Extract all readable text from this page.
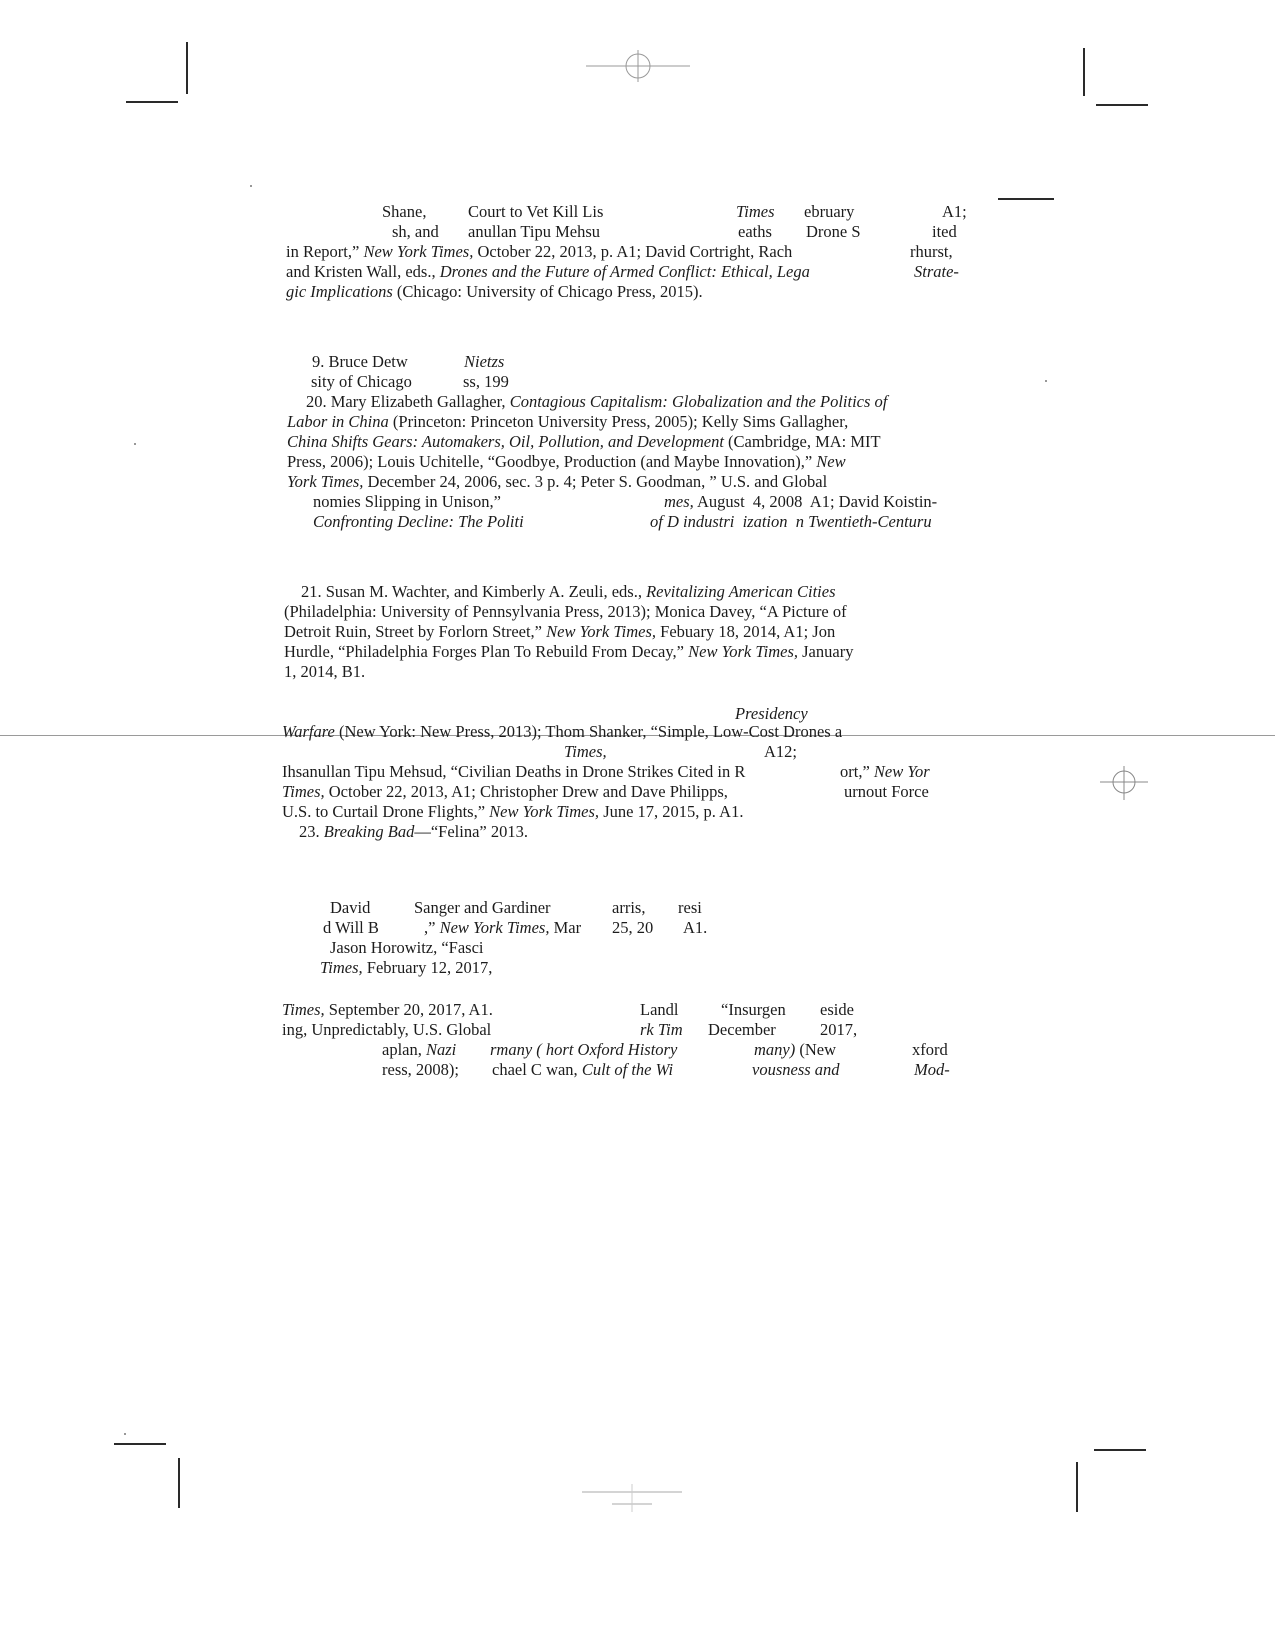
Shane,	Court to Vet Kill Lis	Times ebruary	A1;
sh, and anullan Tipu Mehsu	eaths Drone S	ited
in Report,” New York Times, October 22, 2013, p. A1; David Cortright, Rach	rhurst,
and Kristen Wall, eds., Drones and the Future of Armed Conflict: Ethical, Lega	Strate-
gic Implications (Chicago: University of Chicago Press, 2015).
9. Bruce Detw	Nietzs
sity of Chicago	ss, 199
20. Mary Elizabeth Gallagher, Contagious Capitalism: Globalization and the Politics of
Labor in China (Princeton: Princeton University Press, 2005); Kelly Sims Gallagher,
China Shifts Gears: Automakers, Oil, Pollution, and Development (Cambridge, MA: MIT
Press, 2006); Louis Uchitelle, “Goodbye, Production (and Maybe Innovation),” New
York Times, December 24, 2006, sec. 3 p. 4; Peter S. Goodman, ” U.S. and Global
nomies Slipping in Unison,”	mes, August  4, 2008  A1; David Koistin-
Confronting Decline: The Politi	of D industri  ization  n Twentieth-Centuru
21. Susan M. Wachter, and Kimberly A. Zeuli, eds., Revitalizing American Cities
(Philadelphia: University of Pennsylvania Press, 2013); Monica Davey, “A Picture of
Detroit Ruin, Street by Forlorn Street,” New York Times, Febuary 18, 2014, A1; Jon
Hurdle, “Philadelphia Forges Plan To Rebuild From Decay,” New York Times, January
1, 2014, B1.
Presidency
Warfare (New York: New Press, 2013); Thom Shanker, “Simple, Low-Cost Drones a
Times,	A12;
Ihsanullan Tipu Mehsud, “Civilian Deaths in Drone Strikes Cited in R	ort,” New Yor
Times, October 22, 2013, A1; Christopher Drew and Dave Philipps,	urnout Force
U.S. to Curtail Drone Flights,” New York Times, June 17, 2015, p. A1.
23. Breaking Bad —“Felina” 2013.
David	Sanger and Gardiner	arris, resi
d Will B	,” New York Times, Mar 25, 20 A1.
Jason Horowitz, “Fasci
Times, February 12, 2017,
Times, September 20, 2017, A1.	Landl	“Insurgen eside
ing, Unpredictably, U.S. Global	rk Tim December	2017,
aplan, Nazi rmany ( hort Oxford History	many) (New	xford
ress, 2008); chael C wan, Cult of the Wi	vousness and	Mod-
